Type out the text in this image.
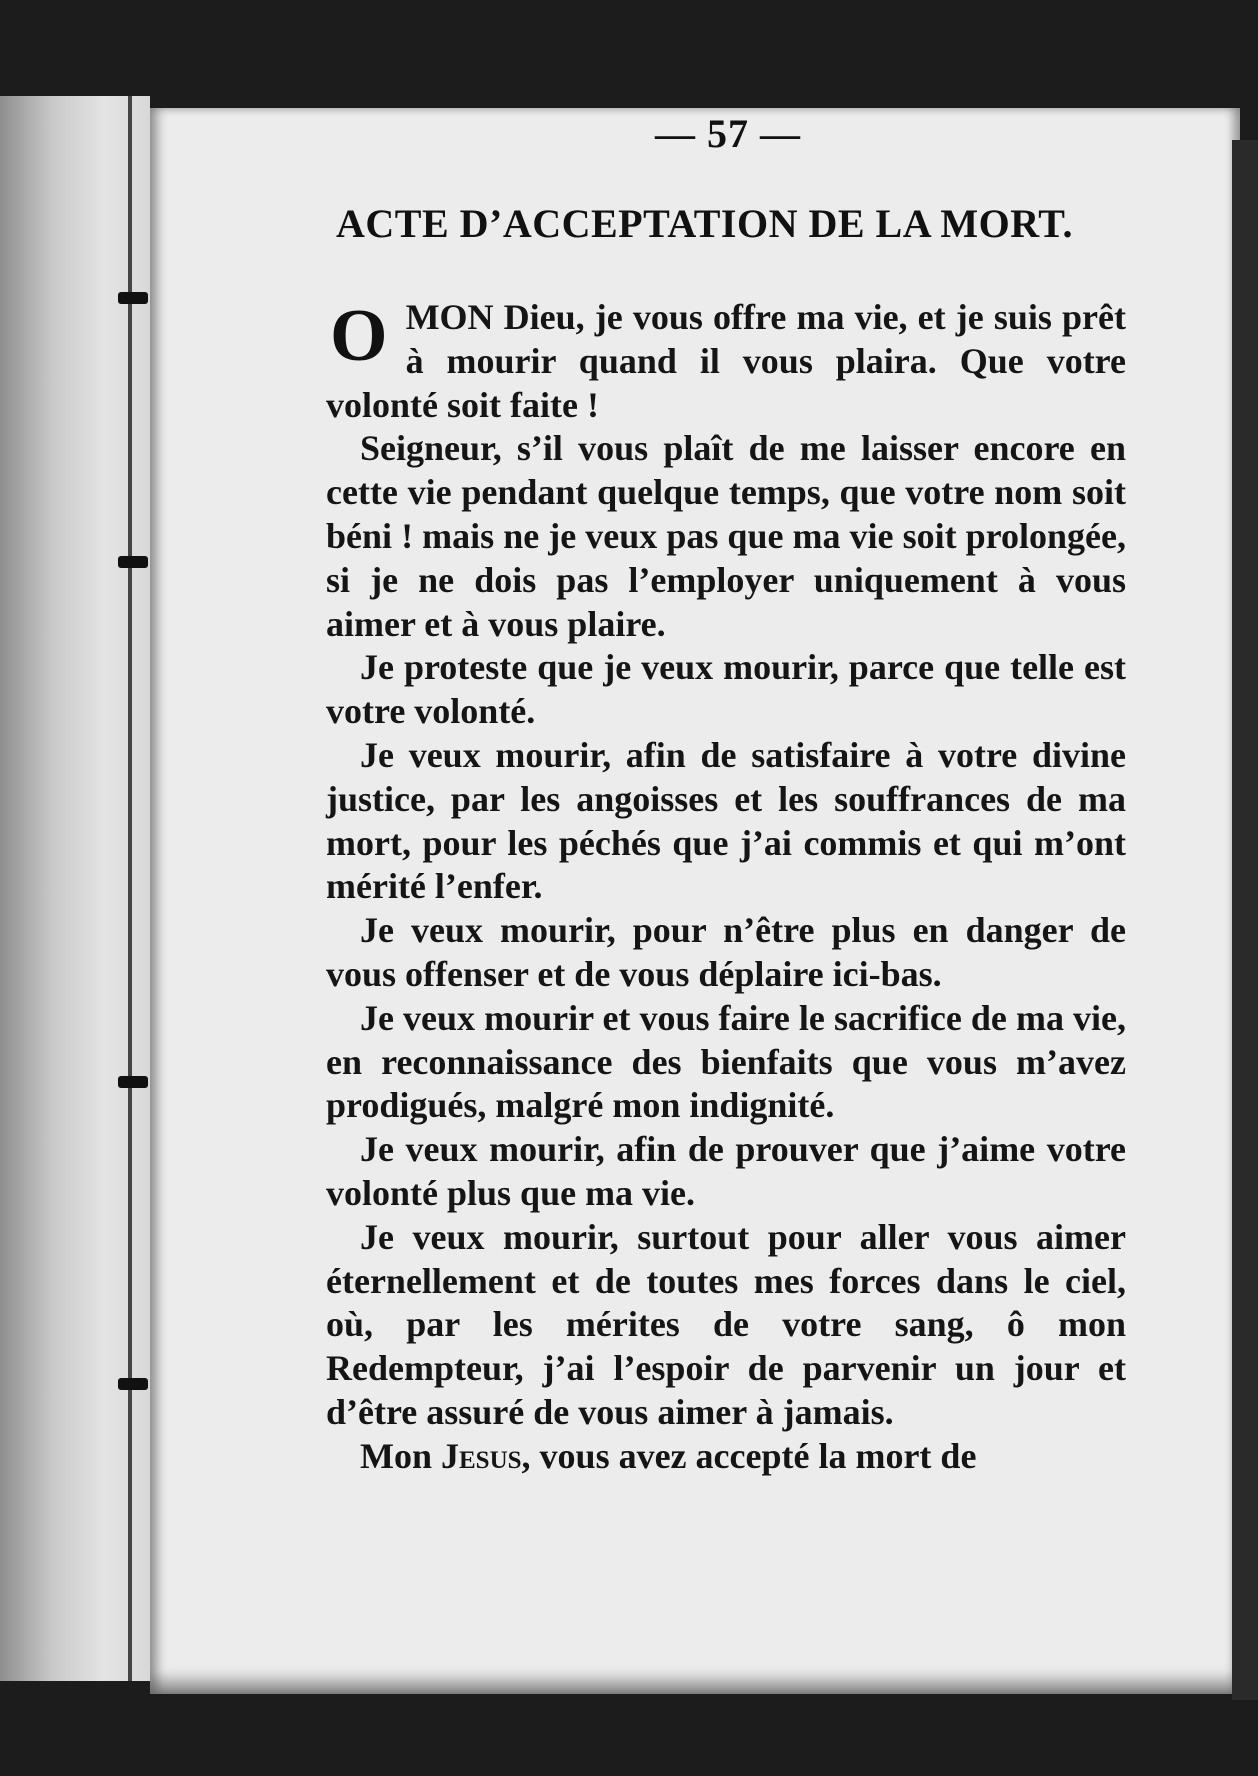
— 57 —
ACTE D’ACCEPTATION DE LA MORT.

O MON Dieu, je vous offre ma vie, et je suis prêt à mourir quand il vous plaira. Que votre volonté soit faite !

Seigneur, s’il vous plaît de me laisser encore en cette vie pendant quelque temps, que votre nom soit béni ! mais ne je veux pas que ma vie soit prolongée, si je ne dois pas l’employer uniquement à vous aimer et à vous plaire.

Je proteste que je veux mourir, parce que telle est votre volonté.

Je veux mourir, afin de satisfaire à votre divine justice, par les angoisses et les souffrances de ma mort, pour les péchés que j’ai commis et qui m’ont mérité l’enfer.

Je veux mourir, pour n’être plus en danger de vous offenser et de vous déplaire ici-bas.

Je veux mourir et vous faire le sacrifice de ma vie, en reconnaissance des bienfaits que vous m’avez prodigués, malgré mon indignité.

Je veux mourir, afin de prouver que j’aime votre volonté plus que ma vie.

Je veux mourir, surtout pour aller vous aimer éternellement et de toutes mes forces dans le ciel, où, par les mérites de votre sang, ô mon Redempteur, j’ai l’espoir de parvenir un jour et d’être assuré de vous aimer à jamais.

Mon Jesus, vous avez accepté la mort de
